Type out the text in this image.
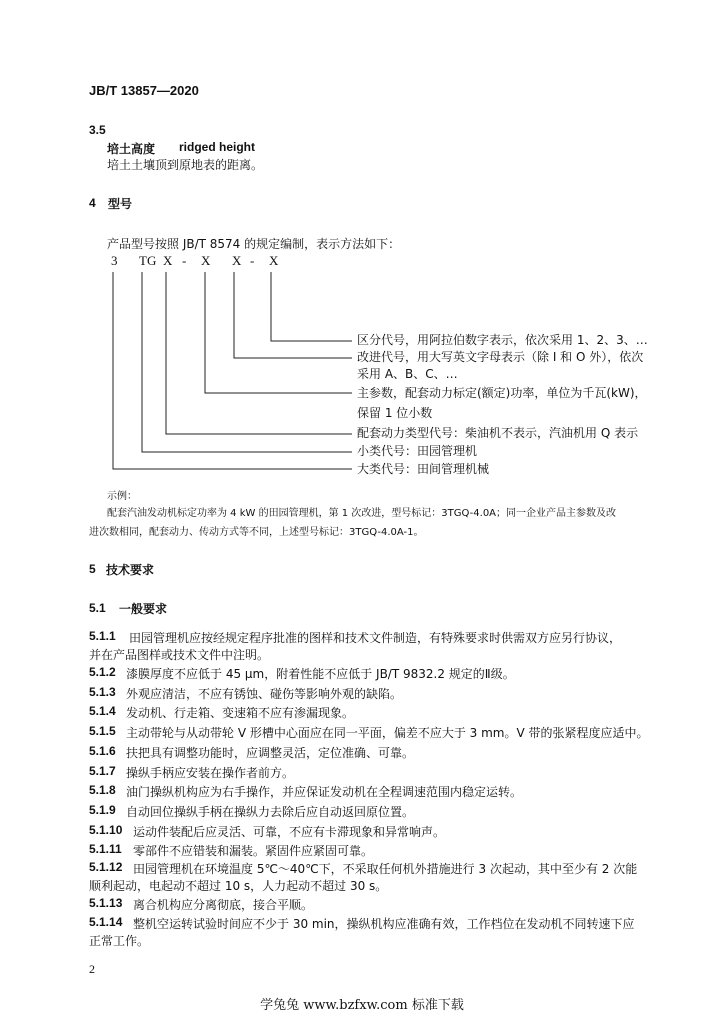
JB/T 13857—2020
3.5
培土高度 ridged height
培土土壤顶到原地表的距离。
4 型号
产品型号按照 JB/T 8574 的规定编制，表示方法如下：
3 TG X - X X - X
区分代号，用阿拉伯数字表示，依次采用 1、2、3、…
改进代号，用大写英文字母表示（除 I 和 O 外），依次
采用 A、B、C、…
主参数，配套动力标定(额定)功率，单位为千瓦(kW)，
保留 1 位小数
配套动力类型代号：柴油机不表示，汽油机用 Q 表示
小类代号：田园管理机
大类代号：田间管理机械
示例：
配套汽油发动机标定功率为 4 kW 的田园管理机，第 1 次改进，型号标记：3TGQ-4.0A；同一企业产品主参数及改
进次数相同，配套动力、传动方式等不同，上述型号标记：3TGQ-4.0A-1。
5 技术要求
5.1 一般要求
5.1.1 田园管理机应按经规定程序批准的图样和技术文件制造，有特殊要求时供需双方应另行协议，
并在产品图样或技术文件中注明。
5.1.2 漆膜厚度不应低于 45 μm，附着性能不应低于 JB/T 9832.2 规定的Ⅱ级。
5.1.3 外观应清洁，不应有锈蚀、碰伤等影响外观的缺陷。
5.1.4 发动机、行走箱、变速箱不应有渗漏现象。
5.1.5 主动带轮与从动带轮 V 形槽中心面应在同一平面，偏差不应大于 3 mm。V 带的张紧程度应适中。
5.1.6 扶把具有调整功能时，应调整灵活，定位准确、可靠。
5.1.7 操纵手柄应安装在操作者前方。
5.1.8 油门操纵机构应为右手操作，并应保证发动机在全程调速范围内稳定运转。
5.1.9 自动回位操纵手柄在操纵力去除后应自动返回原位置。
5.1.10 运动件装配后应灵活、可靠，不应有卡滞现象和异常响声。
5.1.11 零部件不应错装和漏装。紧固件应紧固可靠。
5.1.12 田园管理机在环境温度 5℃～40℃下，不采取任何机外措施进行 3 次起动，其中至少有 2 次能
顺利起动，电起动不超过 10 s，人力起动不超过 30 s。
5.1.13 离合机构应分离彻底，接合平顺。
5.1.14 整机空运转试验时间应不少于 30 min，操纵机构应准确有效，工作档位在发动机不同转速下应
正常工作。
2
学兔兔 www.bzfxw.com 标准下载
